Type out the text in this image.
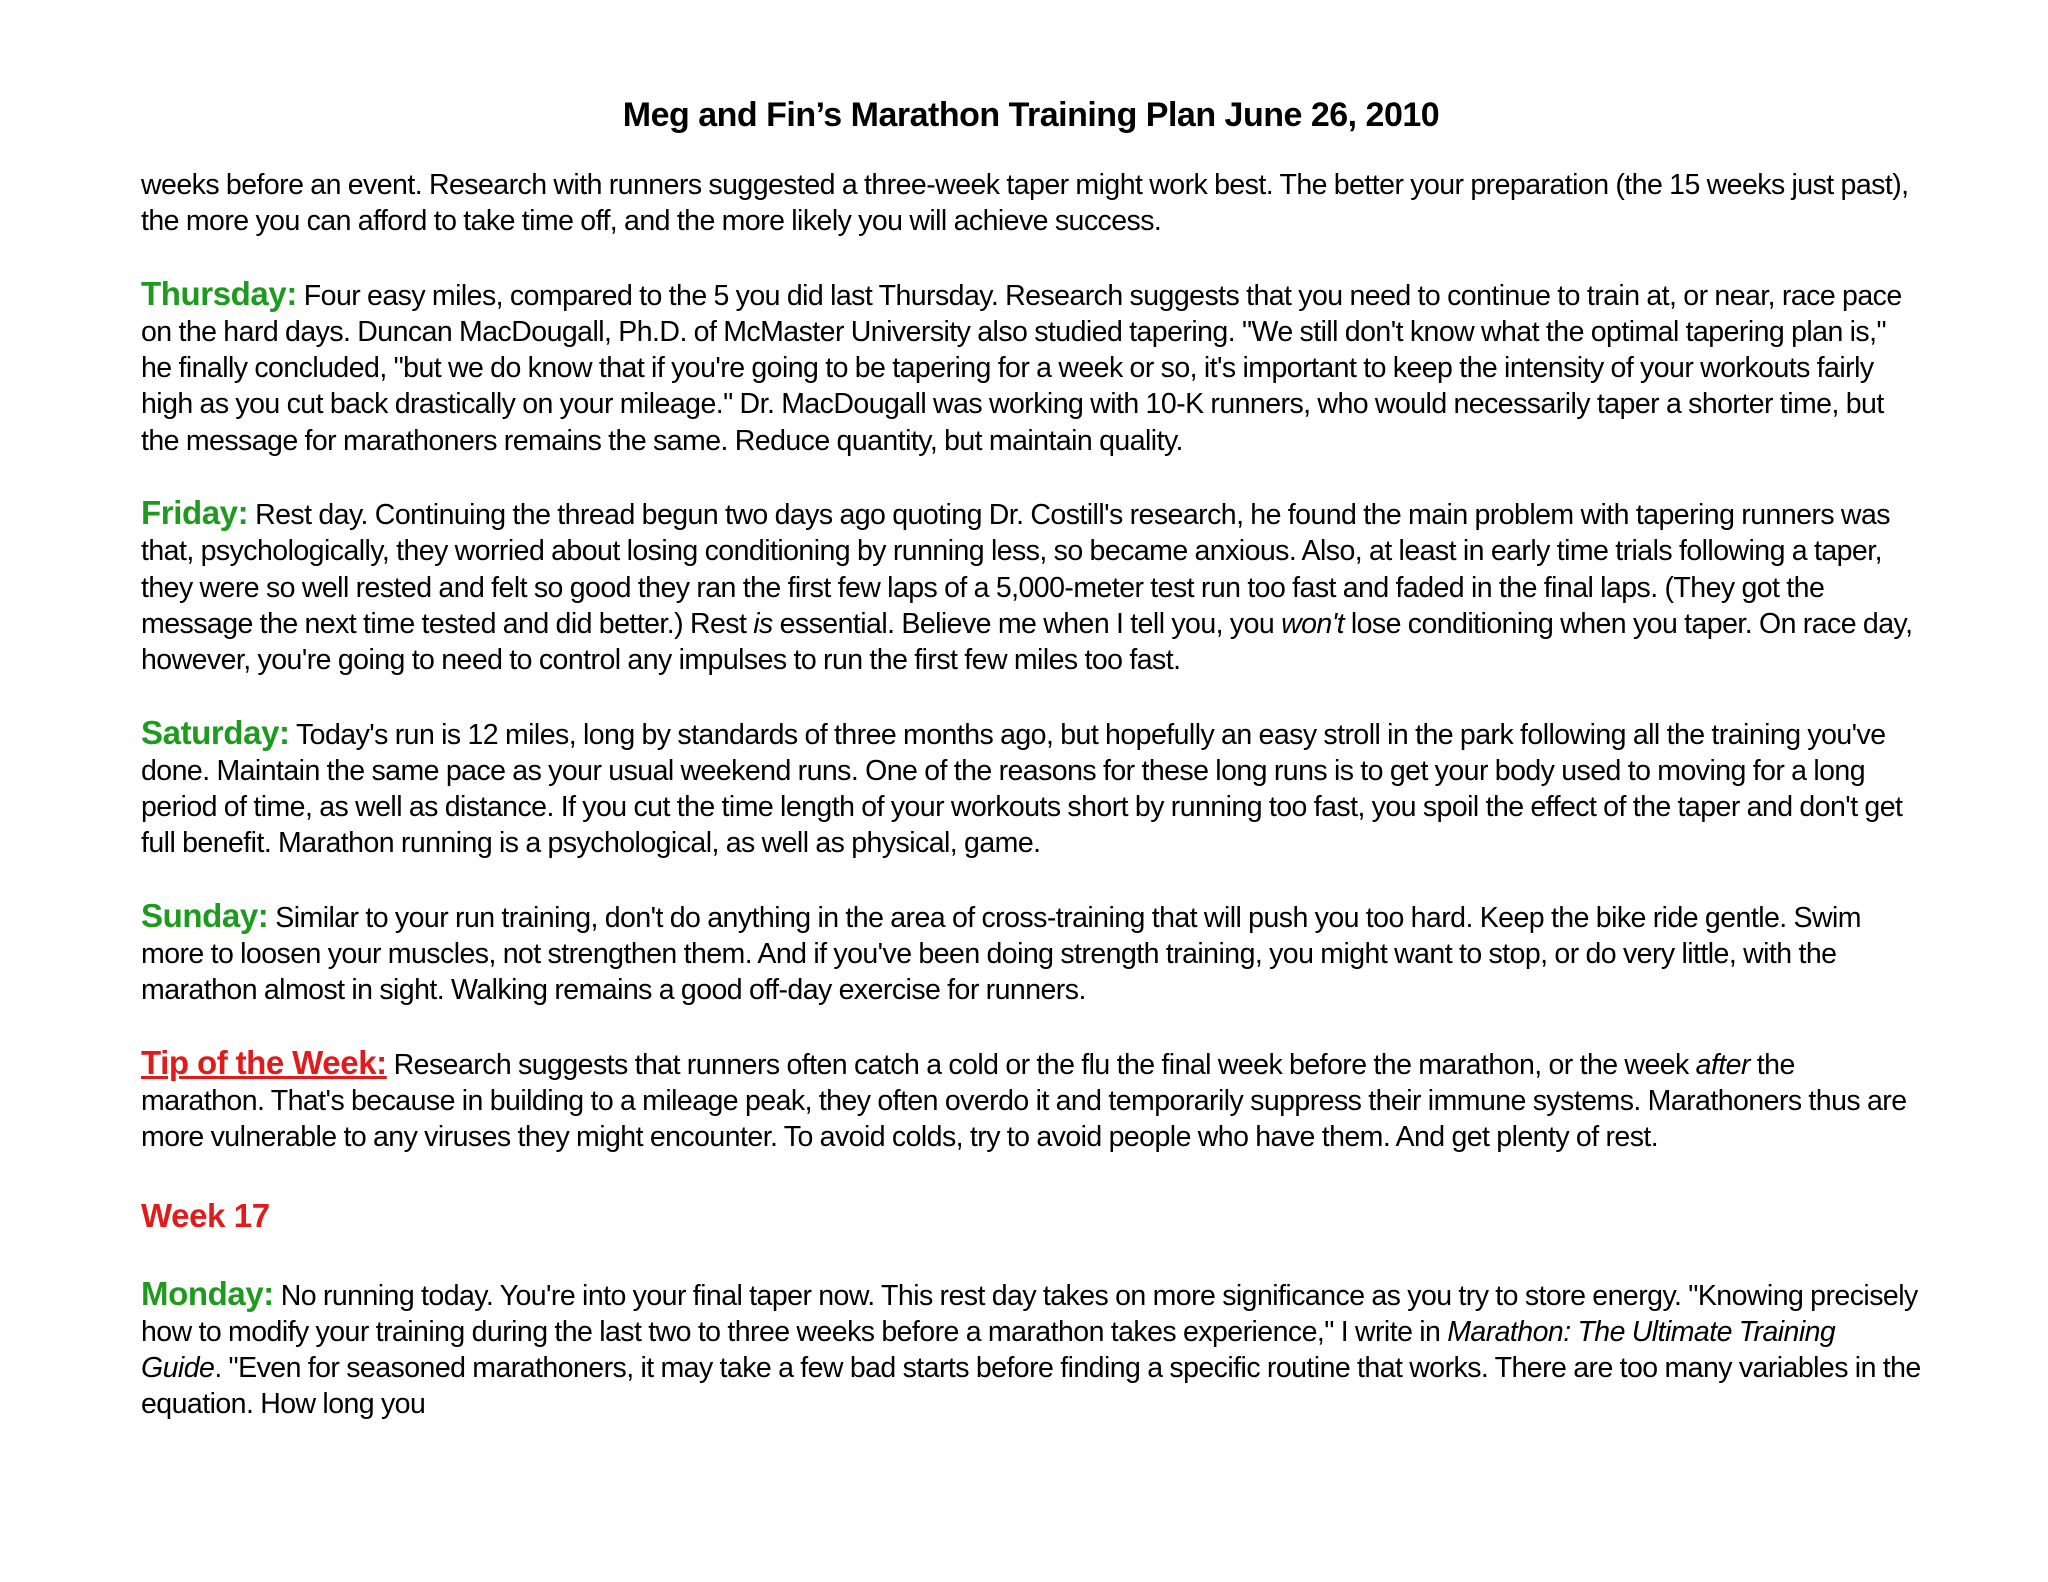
Meg and Fin’s Marathon Training Plan June 26, 2010

weeks before an event. Research with runners suggested a three-week taper might work best. The better your preparation (the 15 weeks just past), the more you can afford to take time off, and the more likely you will achieve success.

Thursday: Four easy miles, compared to the 5 you did last Thursday. Research suggests that you need to continue to train at, or near, race pace on the hard days. Duncan MacDougall, Ph.D. of McMaster University also studied tapering. "We still don't know what the optimal tapering plan is," he finally concluded, "but we do know that if you're going to be tapering for a week or so, it's important to keep the intensity of your workouts fairly high as you cut back drastically on your mileage." Dr. MacDougall was working with 10-K runners, who would necessarily taper a shorter time, but the message for marathoners remains the same. Reduce quantity, but maintain quality.

Friday: Rest day. Continuing the thread begun two days ago quoting Dr. Costill's research, he found the main problem with tapering runners was that, psychologically, they worried about losing conditioning by running less, so became anxious. Also, at least in early time trials following a taper, they were so well rested and felt so good they ran the first few laps of a 5,000-meter test run too fast and faded in the final laps. (They got the message the next time tested and did better.) Rest is essential. Believe me when I tell you, you won't lose conditioning when you taper. On race day, however, you're going to need to control any impulses to run the first few miles too fast.

Saturday: Today's run is 12 miles, long by standards of three months ago, but hopefully an easy stroll in the park following all the training you've done. Maintain the same pace as your usual weekend runs. One of the reasons for these long runs is to get your body used to moving for a long period of time, as well as distance. If you cut the time length of your workouts short by running too fast, you spoil the effect of the taper and don't get full benefit. Marathon running is a psychological, as well as physical, game.

Sunday: Similar to your run training, don't do anything in the area of cross-training that will push you too hard. Keep the bike ride gentle. Swim more to loosen your muscles, not strengthen them. And if you've been doing strength training, you might want to stop, or do very little, with the marathon almost in sight. Walking remains a good off-day exercise for runners.

Tip of the Week: Research suggests that runners often catch a cold or the flu the final week before the marathon, or the week after the marathon. That's because in building to a mileage peak, they often overdo it and temporarily suppress their immune systems. Marathoners thus are more vulnerable to any viruses they might encounter. To avoid colds, try to avoid people who have them. And get plenty of rest.

Week 17

Monday: No running today. You're into your final taper now. This rest day takes on more significance as you try to store energy. "Knowing precisely how to modify your training during the last two to three weeks before a marathon takes experience," I write in Marathon: The Ultimate Training Guide. "Even for seasoned marathoners, it may take a few bad starts before finding a specific routine that works. There are too many variables in the equation. How long you
